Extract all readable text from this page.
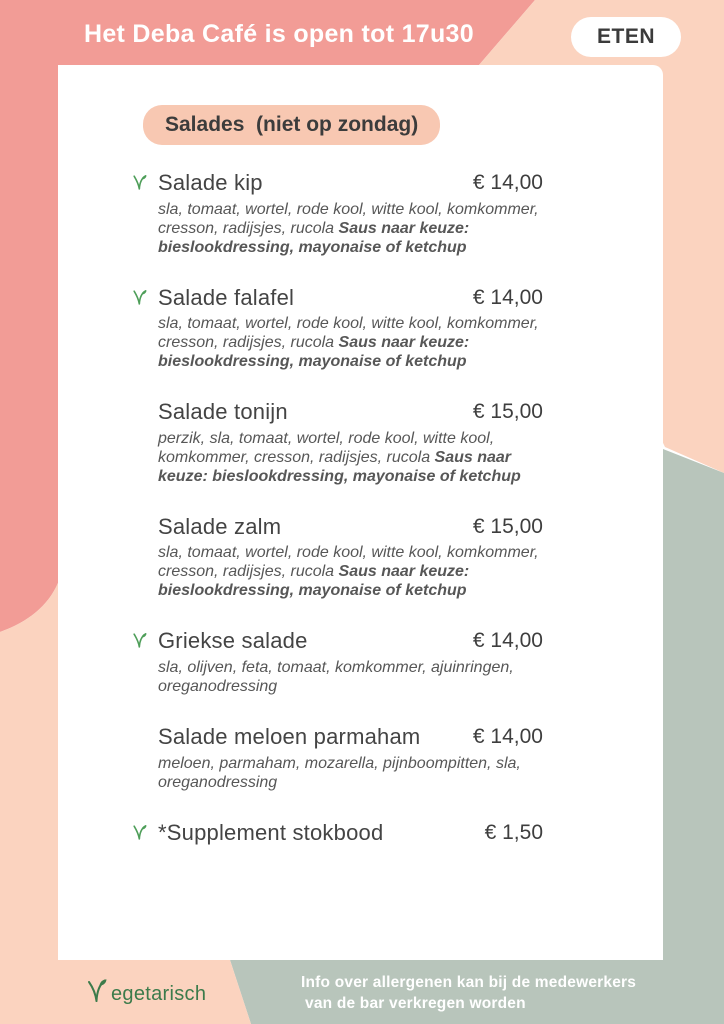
Het Deba Café is open tot 17u30	ETEN
Salades  (niet op zondag)
Salade kip	€ 14,00
sla, tomaat, wortel, rode kool, witte kool, komkommer, cresson, radijsjes, rucola Saus naar keuze: bieslookdressing, mayonaise of ketchup
Salade falafel	€ 14,00
sla, tomaat, wortel, rode kool, witte kool, komkommer, cresson, radijsjes, rucola Saus naar keuze: bieslookdressing, mayonaise of ketchup
Salade tonijn	€ 15,00
perzik, sla, tomaat, wortel, rode kool, witte kool, komkommer, cresson, radijsjes, rucola Saus naar keuze: bieslookdressing, mayonaise of ketchup
Salade zalm	€ 15,00
sla, tomaat, wortel, rode kool, witte kool, komkommer, cresson, radijsjes, rucola Saus naar keuze: bieslookdressing, mayonaise of ketchup
Griekse salade	€ 14,00
sla, olijven, feta, tomaat, komkommer, ajuinringen, oreganodressing
Salade meloen parmaham	€ 14,00
meloen, parmaham, mozarella, pijnboompitten, sla, oreganodressing
*Supplement stokbood	€ 1,50
egetarisch
Info over allergenen kan bij de medewerkers
van de bar verkregen worden
